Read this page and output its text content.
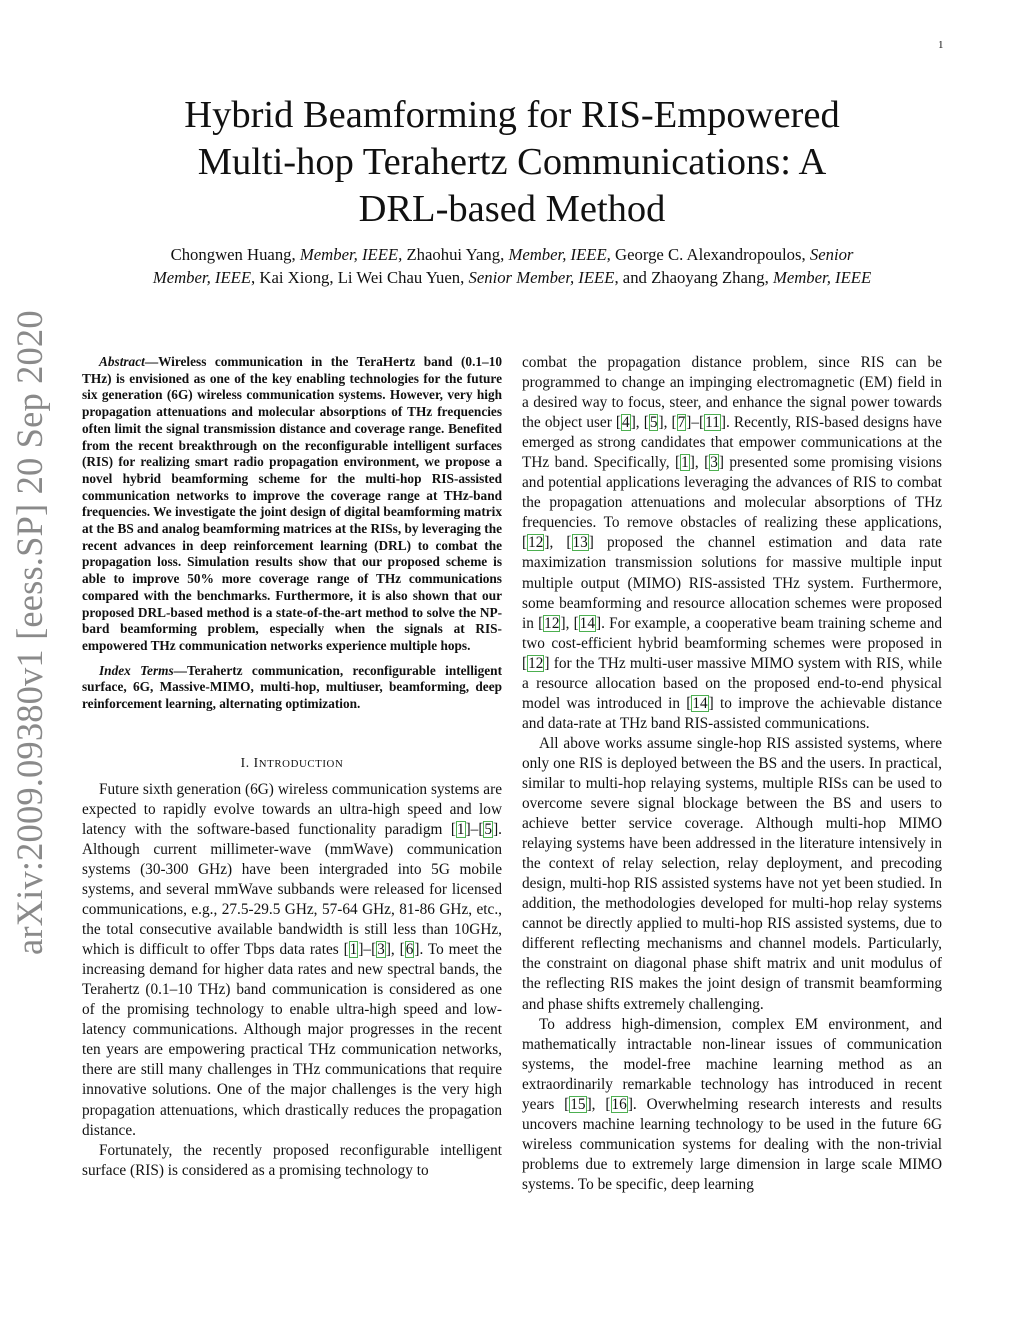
1
arXiv:2009.09380v1 [eess.SP] 20 Sep 2020
Hybrid Beamforming for RIS-Empowered
Multi-hop Terahertz Communications: A
DRL-based Method
Chongwen Huang, Member, IEEE, Zhaohui Yang, Member, IEEE, George C. Alexandropoulos, Senior
Member, IEEE, Kai Xiong, Li Wei Chau Yuen, Senior Member, IEEE, and Zhaoyang Zhang, Member, IEEE

Abstract—Wireless communication in the TeraHertz band (0.1–10 THz) is envisioned as one of the key enabling technologies for the future six generation (6G) wireless communication systems. However, very high propagation attenuations and molecular absorptions of THz frequencies often limit the signal transmission distance and coverage range. Benefited from the recent breakthrough on the reconfigurable intelligent surfaces (RIS) for realizing smart radio propagation environment, we propose a novel hybrid beamforming scheme for the multi-hop RIS-assisted communication networks to improve the coverage range at THz-band frequencies. We investigate the joint design of digital beamforming matrix at the BS and analog beamforming matrices at the RISs, by leveraging the recent advances in deep reinforcement learning (DRL) to combat the propagation loss. Simulation results show that our proposed scheme is able to improve 50% more coverage range of THz communications compared with the benchmarks. Furthermore, it is also shown that our proposed DRL-based method is a state-of-the-art method to solve the NP-bard beamforming problem, especially when the signals at RIS-empowered THz communication networks experience multiple hops.

Index Terms—Terahertz communication, reconfigurable intelligent surface, 6G, Massive-MIMO, multi-hop, multiuser, beamforming, deep reinforcement learning, alternating optimization.

I. INTRODUCTION

Future sixth generation (6G) wireless communication systems are expected to rapidly evolve towards an ultra-high speed and low latency with the software-based functionality paradigm [1]–[5]. Although current millimeter-wave (mmWave) communication systems (30-300 GHz) have been intergraded into 5G mobile systems, and several mmWave subbands were released for licensed communications, e.g., 27.5-29.5 GHz, 57-64 GHz, 81-86 GHz, etc., the total consecutive available bandwidth is still less than 10GHz, which is difficult to offer Tbps data rates [1]–[3], [6]. To meet the increasing demand for higher data rates and new spectral bands, the Terahertz (0.1–10 THz) band communication is considered as one of the promising technology to enable ultra-high speed and low-latency communications. Although major progresses in the recent ten years are empowering practical THz communication networks, there are still many challenges in THz communications that require innovative solutions. One of the major challenges is the very high propagation attenuations, which drastically reduces the propagation distance.

Fortunately, the recently proposed reconfigurable intelligent surface (RIS) is considered as a promising technology to

combat the propagation distance problem, since RIS can be programmed to change an impinging electromagnetic (EM) field in a desired way to focus, steer, and enhance the signal power towards the object user [4], [5], [7]–[11]. Recently, RIS-based designs have emerged as strong candidates that empower communications at the THz band. Specifically, [1], [3] presented some promising visions and potential applications leveraging the advances of RIS to combat the propagation attenuations and molecular absorptions of THz frequencies. To remove obstacles of realizing these applications, [12], [13] proposed the channel estimation and data rate maximization transmission solutions for massive multiple input multiple output (MIMO) RIS-assisted THz system. Furthermore, some beamforming and resource allocation schemes were proposed in [12], [14]. For example, a cooperative beam training scheme and two cost-efficient hybrid beamforming schemes were proposed in [12] for the THz multi-user massive MIMO system with RIS, while a resource allocation based on the proposed end-to-end physical model was introduced in [14] to improve the achievable distance and data-rate at THz band RIS-assisted communications.

All above works assume single-hop RIS assisted systems, where only one RIS is deployed between the BS and the users. In practical, similar to multi-hop relaying systems, multiple RISs can be used to overcome severe signal blockage between the BS and users to achieve better service coverage. Although multi-hop MIMO relaying systems have been addressed in the literature intensively in the context of relay selection, relay deployment, and precoding design, multi-hop RIS assisted systems have not yet been studied. In addition, the methodologies developed for multi-hop relay systems cannot be directly applied to multi-hop RIS assisted systems, due to different reflecting mechanisms and channel models. Particularly, the constraint on diagonal phase shift matrix and unit modulus of the reflecting RIS makes the joint design of transmit beamforming and phase shifts extremely challenging.

To address high-dimension, complex EM environment, and mathematically intractable non-linear issues of communication systems, the model-free machine learning method as an extraordinarily remarkable technology has introduced in recent years [15], [16]. Overwhelming research interests and results uncovers machine learning technology to be used in the future 6G wireless communication systems for dealing with the non-trivial problems due to extremely large dimension in large scale MIMO systems. To be specific, deep learning
